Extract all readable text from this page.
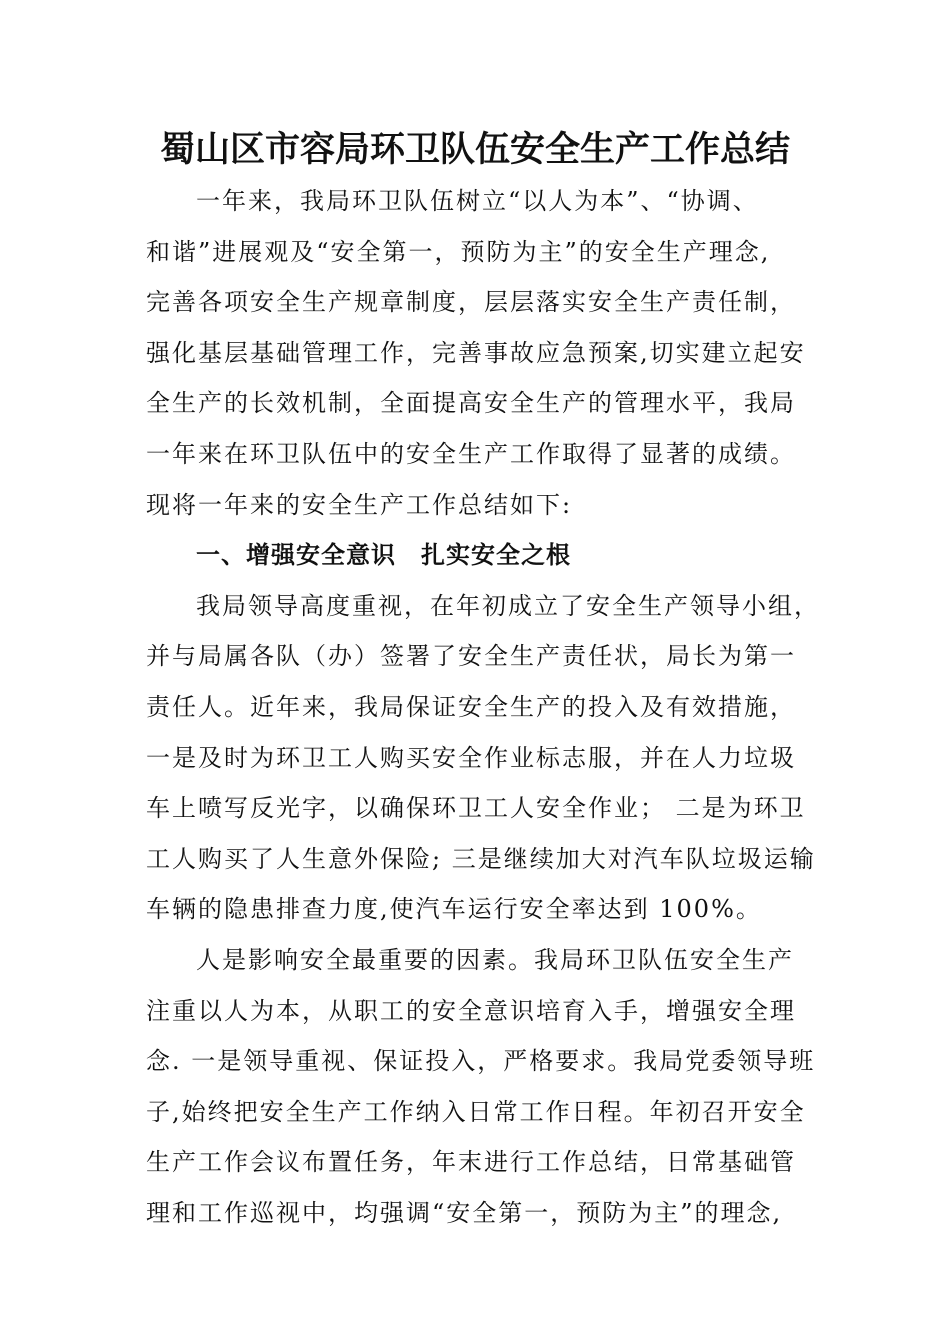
蜀山区市容局环卫队伍安全生产工作总结
一年来，我局环卫队伍树立“以人为本”、“协调、
和谐”进展观及“安全第一，预防为主”的安全生产理念,
完善各项安全生产规章制度，层层落实安全生产责任制，
强化基层基础管理工作，完善事故应急预案,切实建立起安
全生产的长效机制，全面提高安全生产的管理水平，我局
一年来在环卫队伍中的安全生产工作取得了显著的成绩。
现将一年来的安全生产工作总结如下:
一、增强安全意识　扎实安全之根
我局领导高度重视，在年初成立了安全生产领导小组，
并与局属各队（办）签署了安全生产责任状，局长为第一
责任人。近年来，我局保证安全生产的投入及有效措施，
一是及时为环卫工人购买安全作业标志服，并在人力垃圾
车上喷写反光字，以确保环卫工人安全作业； 二是为环卫
工人购买了人生意外保险; 三是继续加大对汽车队垃圾运输
车辆的隐患排查力度,使汽车运行安全率达到 100%。
人是影响安全最重要的因素。我局环卫队伍安全生产
注重以人为本，从职工的安全意识培育入手，增强安全理
念. 一是领导重视、保证投入，严格要求。我局党委领导班
子,始终把安全生产工作纳入日常工作日程。年初召开安全
生产工作会议布置任务，年末进行工作总结，日常基础管
理和工作巡视中，均强调“安全第一，预防为主”的理念,
